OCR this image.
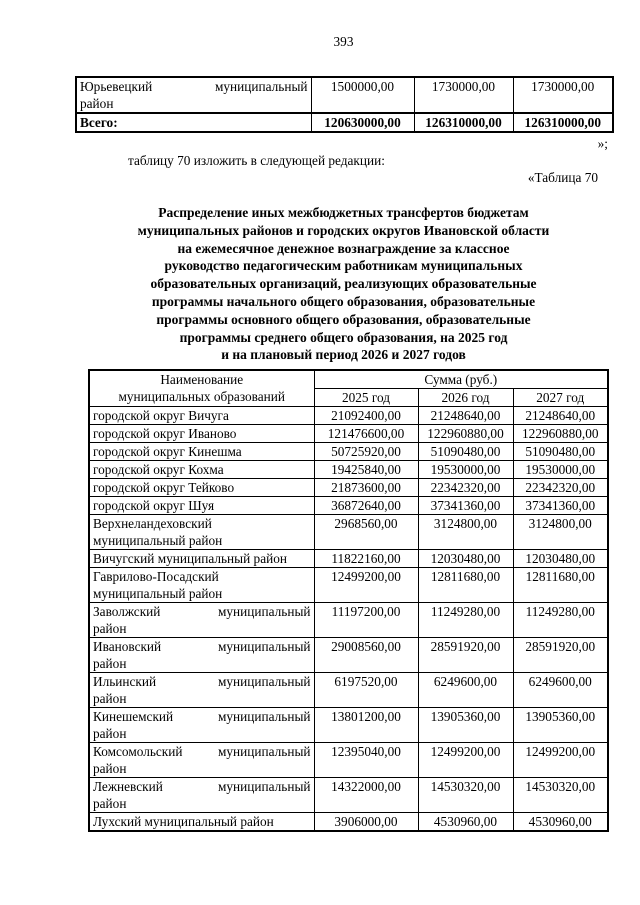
393
Юрьевецкий муниципальный
район	1500000,00	1730000,00	1730000,00

Всего:	120630000,00	126310000,00	126310000,00
»;

таблицу 70 изложить в следующей редакции:

«Таблица 70
Распределение иных межбюджетных трансфертов бюджетам
муниципальных районов и городских округов Ивановской области
на ежемесячное денежное вознаграждение за классное
руководство педагогическим работникам муниципальных
образовательных организаций, реализующих образовательные
программы начального общего образования, образовательные
программы основного общего образования, образовательные
программы среднего общего образования, на 2025 год
и на плановый период 2026 и 2027 годов
Наименование
муниципальных образований	Сумма (руб.)		
	2025 год	2026 год	2027 год

городской округ Вичуга	21092400,00	21248640,00	21248640,00

городской округ Иваново	121476600,00	122960880,00	122960880,00

городской округ Кинешма	50725920,00	51090480,00	51090480,00

городской округ Кохма	19425840,00	19530000,00	19530000,00

городской округ Тейково	21873600,00	22342320,00	22342320,00

городской округ Шуя	36872640,00	37341360,00	37341360,00

Верхнеландеховский
муниципальный район	2968560,00	3124800,00	3124800,00

Вичугский муниципальный район	11822160,00	12030480,00	12030480,00

Гаврилово-Посадский
муниципальный район	12499200,00	12811680,00	12811680,00

Заволжский муниципальный
район	11197200,00	11249280,00	11249280,00

Ивановский муниципальный
район	29008560,00	28591920,00	28591920,00

Ильинский муниципальный
район	6197520,00	6249600,00	6249600,00

Кинешемский муниципальный
район	13801200,00	13905360,00	13905360,00

Комсомольский муниципальный
район	12395040,00	12499200,00	12499200,00

Лежневский муниципальный
район	14322000,00	14530320,00	14530320,00

Лухский муниципальный район	3906000,00	4530960,00	4530960,00
